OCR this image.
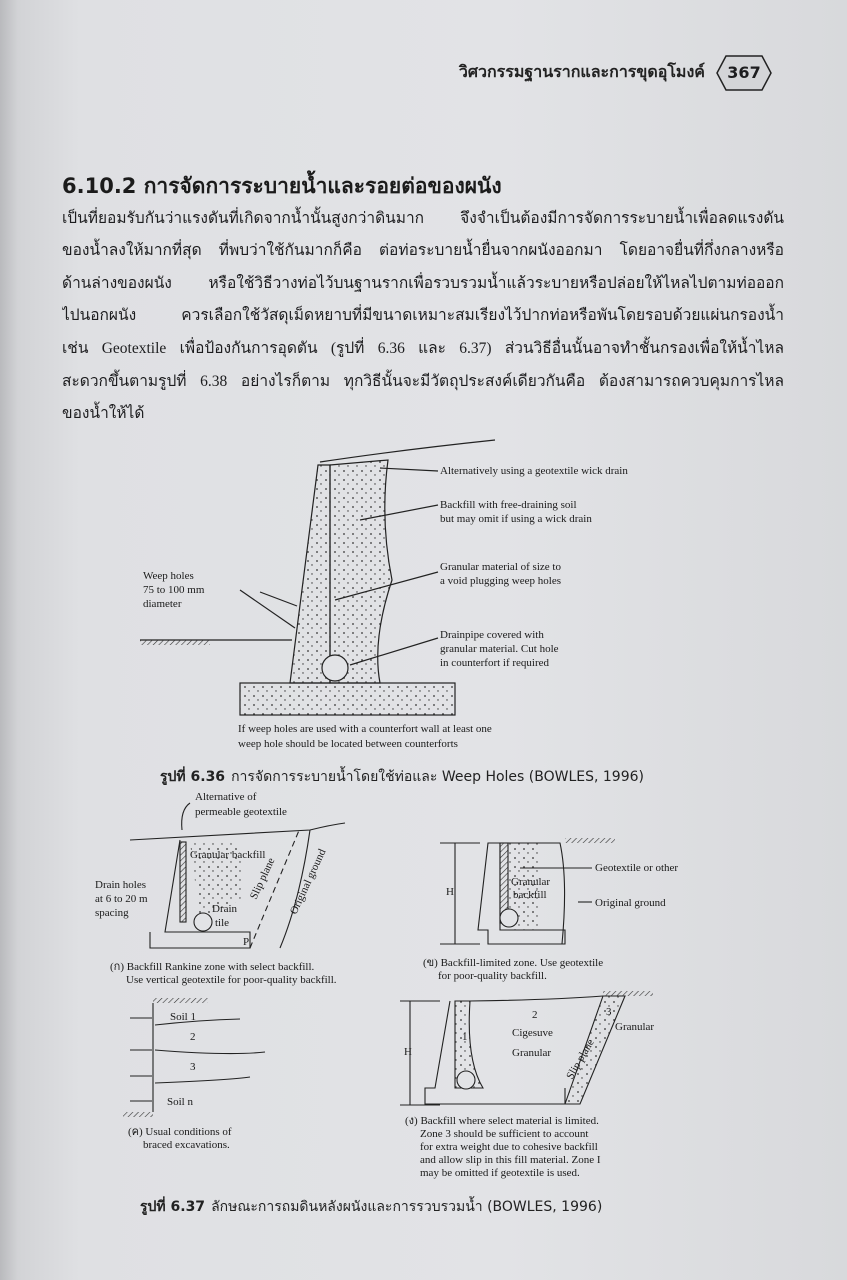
วิศวกรรมฐานรากและการขุดอุโมงค์	367
6.10.2 การจัดการระบายน้ำและรอยต่อของผนัง
เป็นที่ยอมรับกันว่าแรงดันที่เกิดจากน้ำนั้นสูงกว่าดินมาก จึงจำเป็นต้องมีการจัดการระบายน้ำเพื่อลดแรงดัน
ของน้ำลงให้มากที่สุด ที่พบว่าใช้กันมากก็คือ ต่อท่อระบายน้ำยื่นจากผนังออกมา โดยอาจยื่นที่กึ่งกลางหรือ
ด้านล่างของผนัง หรือใช้วิธีวางท่อไว้บนฐานรากเพื่อรวบรวมน้ำแล้วระบายหรือปล่อยให้ไหลไปตามท่อออก
ไปนอกผนัง ควรเลือกใช้วัสดุเม็ดหยาบที่มีขนาดเหมาะสมเรียงไว้ปากท่อหรือพันโดยรอบด้วยแผ่นกรองน้ำ
เช่น Geotextile เพื่อป้องกันการอุดตัน (รูปที่ 6.36 และ 6.37) ส่วนวิธีอื่นนั้นอาจทำชั้นกรองเพื่อให้น้ำไหล
สะดวกขึ้นตามรูปที่ 6.38 อย่างไรก็ตาม ทุกวิธีนั้นจะมีวัตถุประสงค์เดียวกันคือ ต้องสามารถควบคุมการไหล
ของน้ำให้ได้
Alternatively using a geotextile wick drain
Backfill with free-draining soil
but may omit if using a wick drain
Granular material of size to
a void plugging weep holes
Drainpipe covered with
granular material. Cut hole
in counterfort if required
Weep holes
75 to 100 mm
diameter
If weep holes are used with a counterfort wall at least one
weep hole should be located between counterforts
Alternative of
permeable geotextile
Granular backfill
Drain holes
at 6 to 20 m
spacing	Drain
tile
Slip plane Original ground
P
(ก) Backfill Rankine zone with select backfill.
Use vertical geotextile for poor-quality backfill.
H
Geotextile or other
Granular
backfill
Original ground
(ข) Backfill-limited zone. Use geotextile
for poor-quality backfill.
Soil 1
2
3
Soil n
(ค) Usual conditions of
braced excavations.
H
2
Cigesuve
Granular
1
3
Granular
Slip plane
(ง) Backfill where select material is limited.
Zone 3 should be sufficient to account
for extra weight due to cohesive backfill
and allow slip in this fill material. Zone I
may be omitted if geotextile is used.
รูปที่ 6.36 การจัดการระบายน้ำโดยใช้ท่อและ Weep Holes (BOWLES, 1996)
รูปที่ 6.37 ลักษณะการถมดินหลังผนังและการรวบรวมน้ำ (BOWLES, 1996)
